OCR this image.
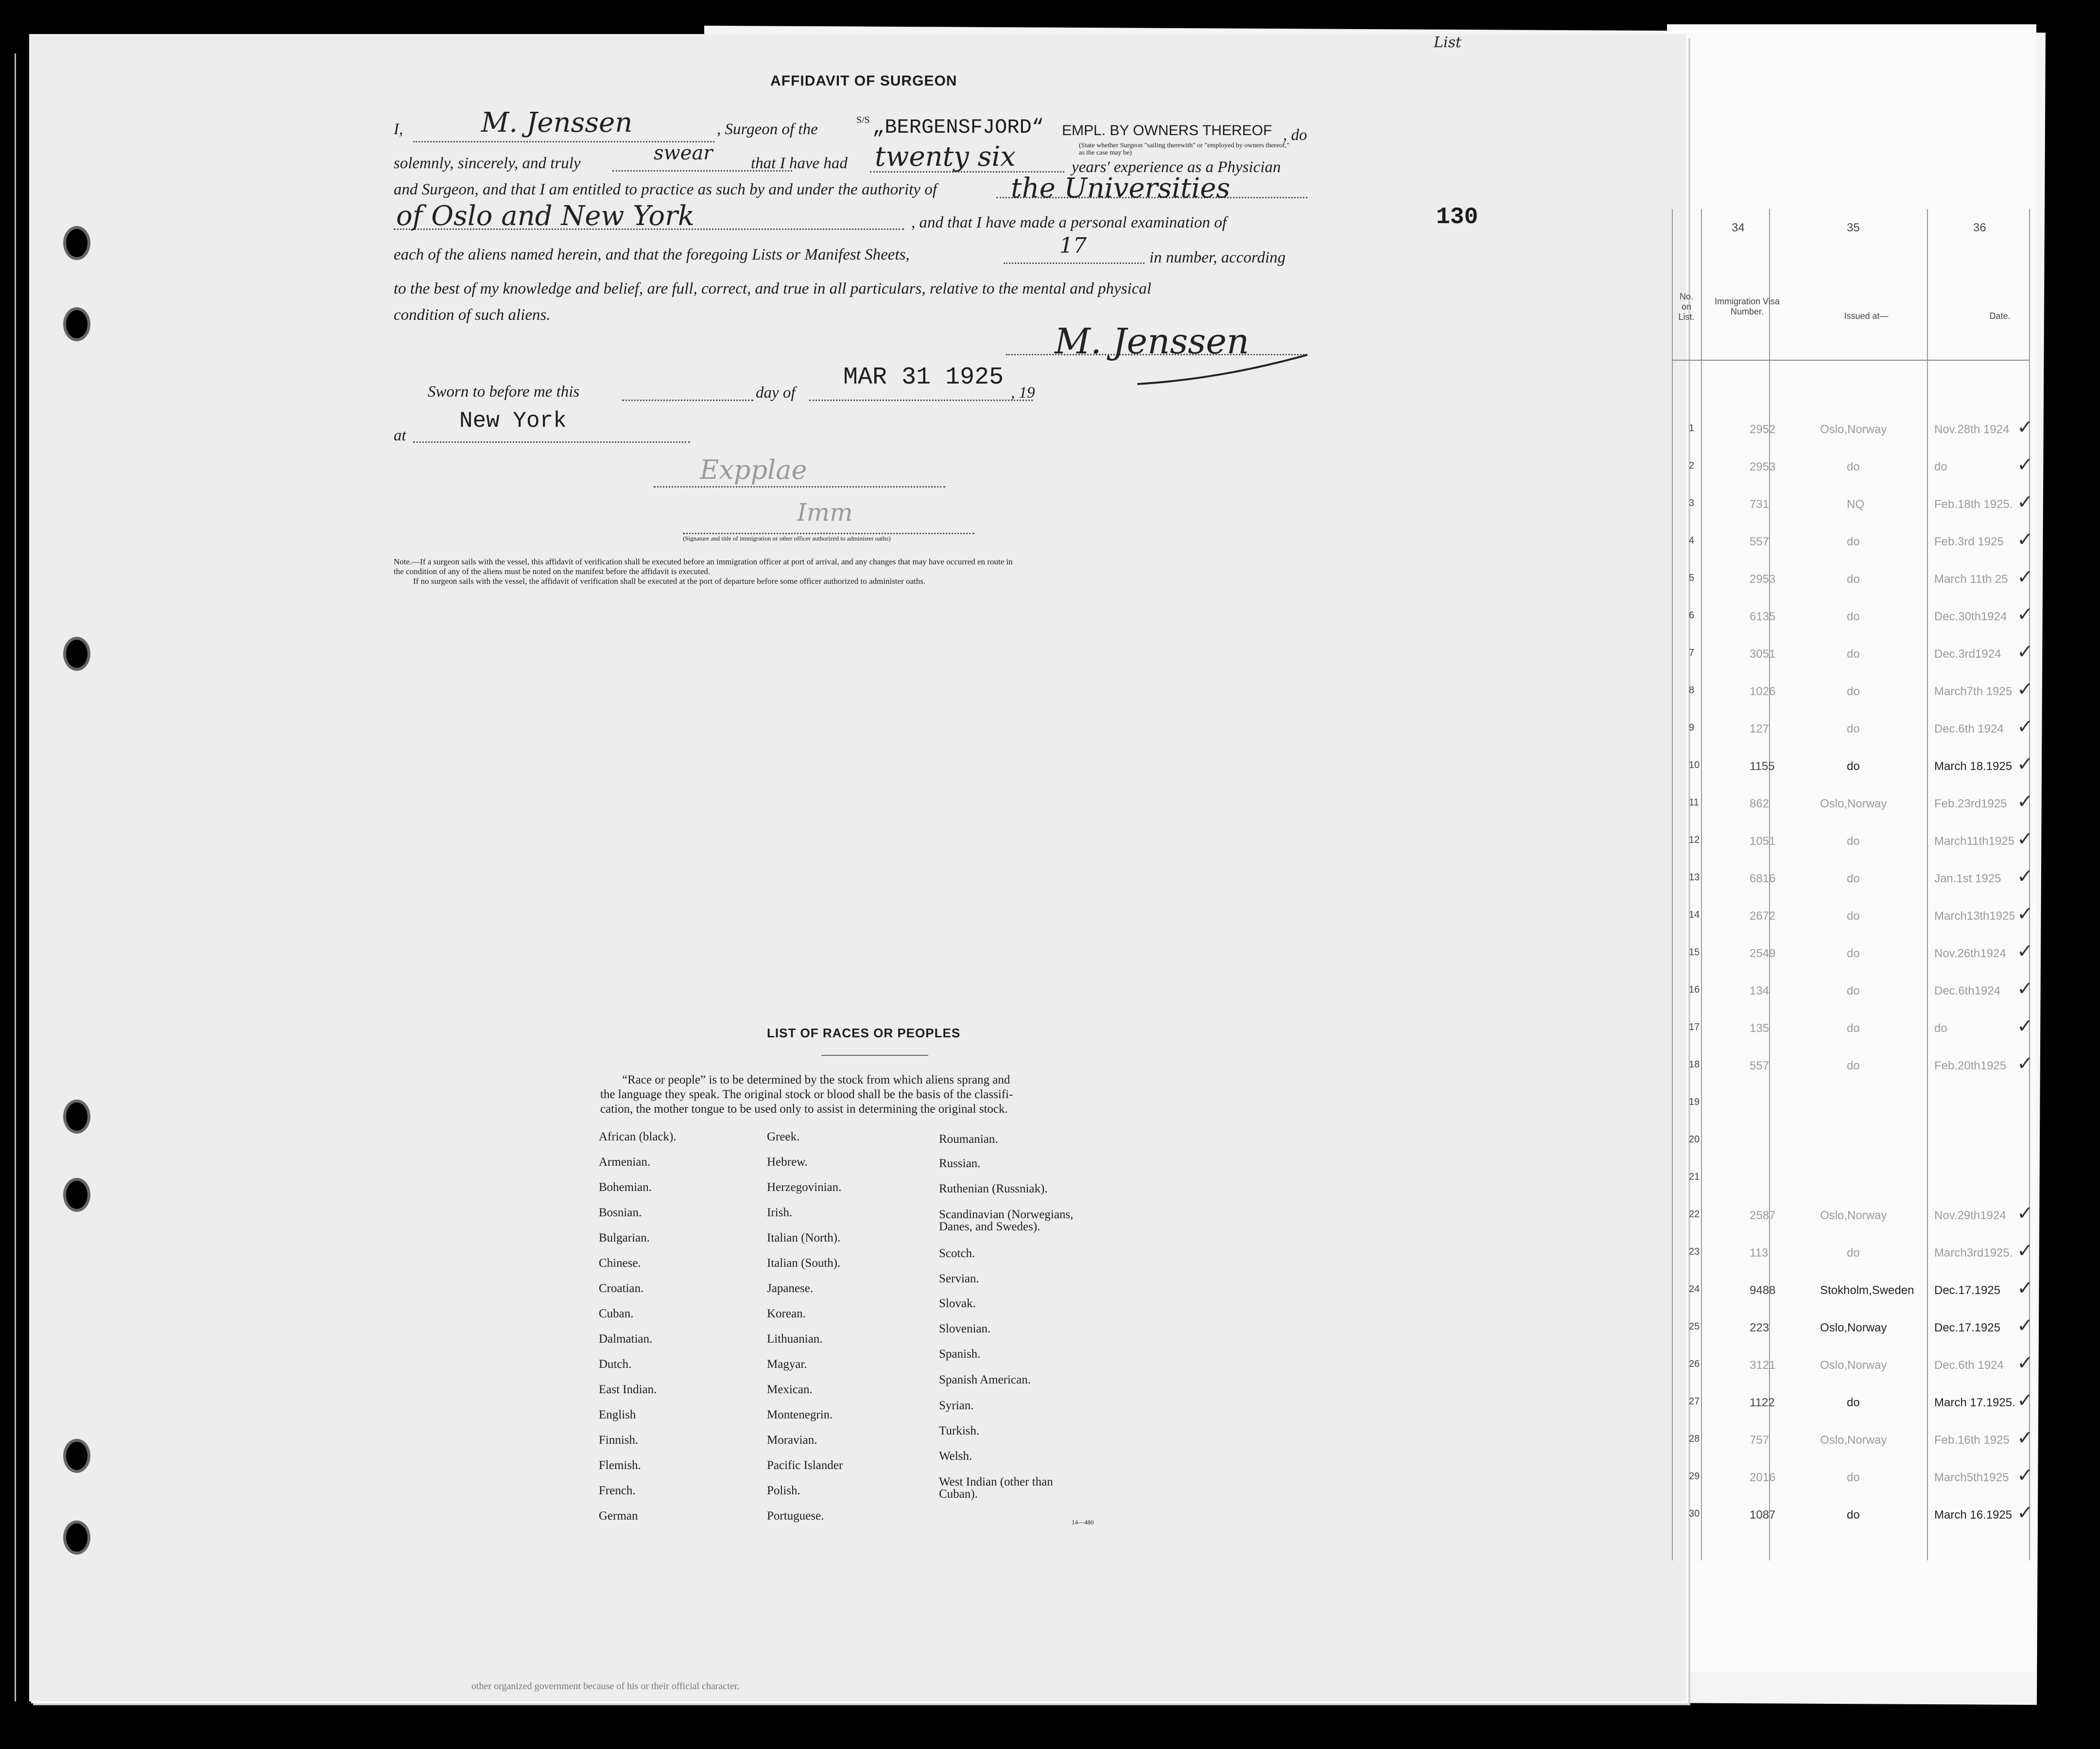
List
130
AFFIDAVIT OF SURGEON
I,	M. Jenssen	, Surgeon of the
S/S „BERGENSFJORD“ EMPL. BY OWNERS THEREOF
(State whether Surgeon "sailing therewith" or "employed by owners thereof," as the case may be)
, do
solemnly, sincerely, and truly	swear that I have had twenty six	years' experience as a Physician
and Surgeon, and that I am entitled to practice as such by and under the authority of	the Universities
of Oslo and New York	, and that I have made a personal examination of
each of the aliens named herein, and that the foregoing Lists or Manifest Sheets,	17	in number, according
to the best of my knowledge and belief, are full, correct, and true in all particulars, relative to the mental and physical
condition of such aliens.
M. Jenssen
Sworn to before me this	day of
MAR 31 1925
, 19
at
New York
Expplae
Imm
(Signature and title of immigration or other officer authorized to administer oaths)
Note.—If a surgeon sails with the vessel, this affidavit of verification shall be executed before an immigration officer at port of arrival, and any changes that may have occurred en route in
the condition of any of the aliens must be noted on the manifest before the affidavit is executed.
If no surgeon sails with the vessel, the affidavit of verification shall be executed at the port of departure before some officer authorized to administer oaths.
LIST OF RACES OR PEOPLES
“Race or people” is to be determined by the stock from which aliens sprang and
the language they speak. The original stock or blood shall be the basis of the classifi-
cation, the mother tongue to be used only to assist in determining the original stock.
African (black).
Armenian.
Bohemian.
Bosnian.
Bulgarian.
Chinese.
Croatian.
Cuban.
Dalmatian.
Dutch.
East Indian.
English
Finnish.
Flemish.
French.
German
Greek.
Hebrew.
Herzegovinian.
Irish.
Italian (North).
Italian (South).
Japanese.
Korean.
Lithuanian.
Magyar.
Mexican.
Montenegrin.
Moravian.
Pacific Islander
Polish.
Portuguese.
Roumanian.
Russian.
Ruthenian (Russniak).
Scandinavian (Norwegians,
Danes, and Swedes).
Scotch.
Servian.
Slovak.
Slovenian.
Spanish.
Spanish American.
Syrian.
Turkish.
Welsh.
West Indian (other than
Cuban).
14—480
other organized government because of his or their official character.
34	35	36
No. on List.
Immigration Visa Number.	Issued at—	Date.
1	2952	Oslo,Norway	Nov.28th 1924 ✓
2	2953	do	do	✓
3	731	NQ	Feb.18th 1925. ✓
4	557	do	Feb.3rd 1925 ✓
5	2953	do	March 11th 25 ✓
6	6135	do	Dec.30th1924 ✓
7	3051	do	Dec.3rd1924 ✓
8	1026	do	March7th 1925 ✓
9	127	do	Dec.6th 1924 ✓
10	1155	do	March 18.1925 ✓
11	862	Oslo,Norway	Feb.23rd1925 ✓
12	1051	do	March11th1925 ✓
13	6816	do	Jan.1st 1925 ✓
14	2672	do	March13th1925 ✓
15	2549	do	Nov.26th1924 ✓
16	134	do	Dec.6th1924 ✓
17	135	do	do	✓
18	557	do	Feb.20th1925 ✓
19
20
21
22	2587	Oslo,Norway	Nov.29th1924 ✓
23	113	do	March3rd1925. ✓
24	9488	Stokholm,Sweden Dec.17.1925 ✓
25	223	Oslo,Norway	Dec.17.1925 ✓
26	3121	Oslo,Norway	Dec.6th 1924 ✓
27	1122	do	March 17.1925. ✓
28	757	Oslo,Norway	Feb.16th 1925 ✓
29	2016	do	March5th1925 ✓
30	1087	do	March 16.1925 ✓
